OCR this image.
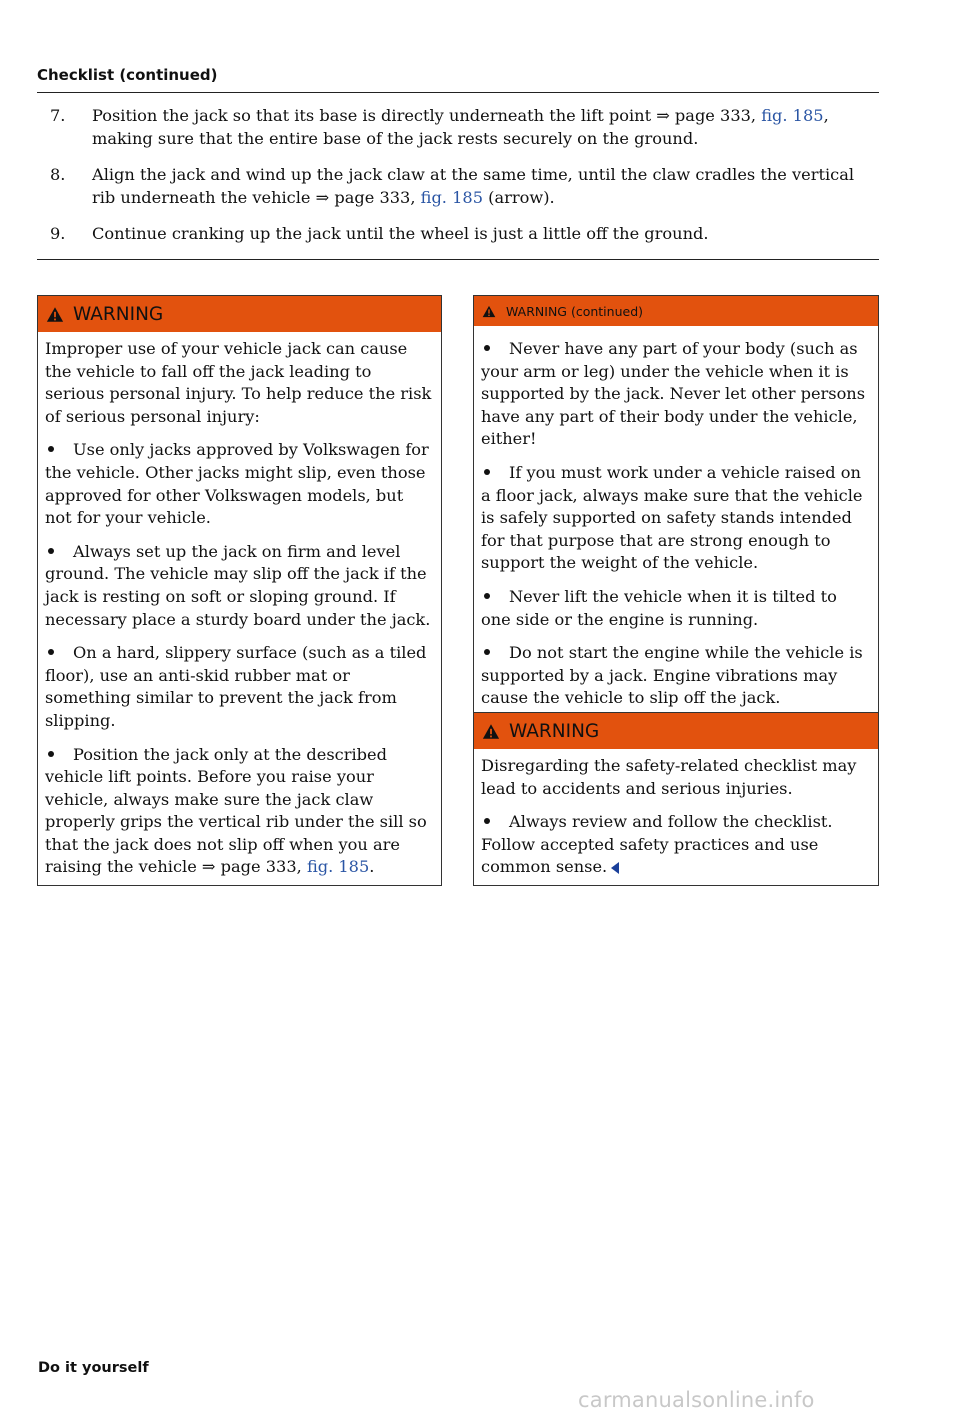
Checklist (continued)
7. Position the jack so that its base is directly underneath the lift point ⇒ page 333, fig. 185, making sure that the entire base of the jack rests securely on the ground.
8. Align the jack and wind up the jack claw at the same time, until the claw cradles the vertical rib underneath the vehicle ⇒ page 333, fig. 185 (arrow).
9. Continue cranking up the jack until the wheel is just a little off the ground.
WARNING

Improper use of your vehicle jack can cause the vehicle to fall off the jack leading to serious personal injury. To help reduce the risk of serious personal injury:

Use only jacks approved by Volkswagen for the vehicle. Other jacks might slip, even those approved for other Volkswagen models, but not for your vehicle.

Always set up the jack on firm and level ground. The vehicle may slip off the jack if the jack is resting on soft or sloping ground. If necessary place a sturdy board under the jack.

On a hard, slippery surface (such as a tiled floor), use an anti-skid rubber mat or something similar to prevent the jack from slipping.

Position the jack only at the described vehicle lift points. Before you raise your vehicle, always make sure the jack claw properly grips the vertical rib under the sill so that the jack does not slip off when you are raising the vehicle ⇒ page 333, fig. 185.

WARNING (continued)

Never have any part of your body (such as your arm or leg) under the vehicle when it is supported by the jack. Never let other persons have any part of their body under the vehicle, either!

If you must work under a vehicle raised on a floor jack, always make sure that the vehicle is safely supported on safety stands intended for that purpose that are strong enough to support the weight of the vehicle.

Never lift the vehicle when it is tilted to one side or the engine is running.

Do not start the engine while the vehicle is supported by a jack. Engine vibrations may cause the vehicle to slip off the jack.

WARNING

Disregarding the safety-related checklist may lead to accidents and serious injuries.

Always review and follow the checklist.
Follow accepted safety practices and use common sense.

Do it yourself
carmanualsonline.info
